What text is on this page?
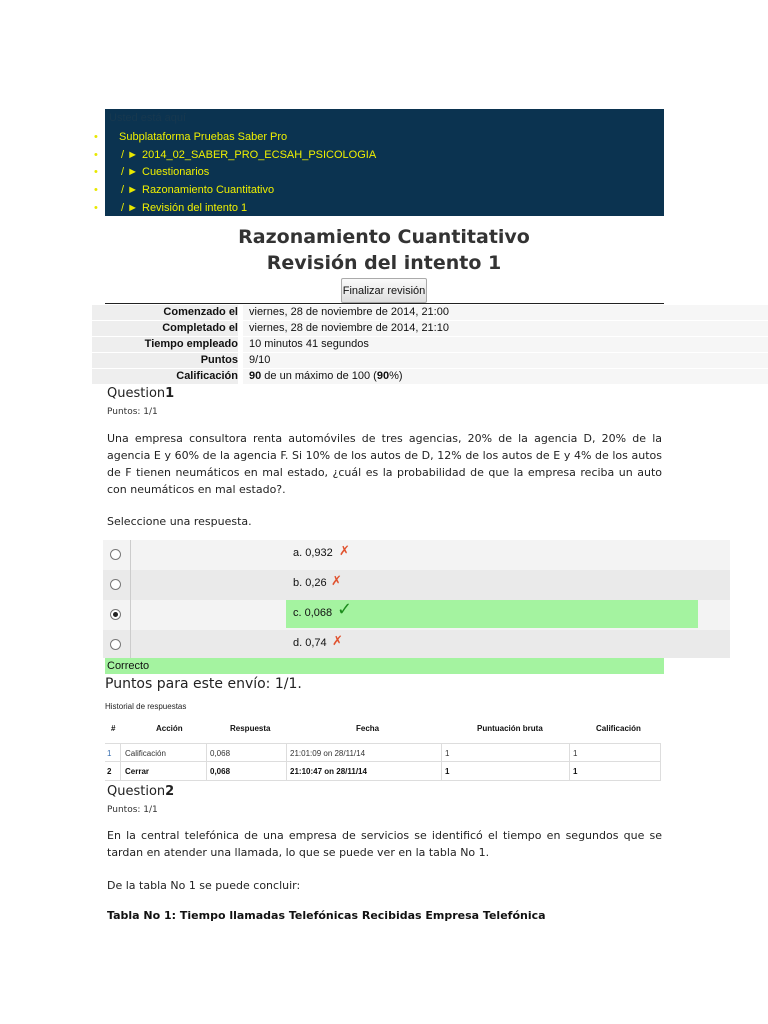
Usted está aquí
• Subplataforma Pruebas Saber Pro
• / ► 2014_02_SABER_PRO_ECSAH_PSICOLOGIA
• / ► Cuestionarios
• / ► Razonamiento Cuantitativo
• / ► Revisión del intento 1
Razonamiento Cuantitativo
Revisión del intento 1
Finalizar revisión
Comenzado el	viernes, 28 de noviembre de 2014, 21:00
Completado el	viernes, 28 de noviembre de 2014, 21:10
Tiempo empleado	10 minutos 41 segundos
Puntos	9/10
Calificación	90 de un máximo de 100 (90%)
Question1
Puntos: 1/1
Una empresa consultora renta automóviles de tres agencias, 20% de la agencia D, 20% de la agencia E y 60% de la agencia F. Si 10% de los autos de D, 12% de los autos de E y 4% de los autos de F tienen neumáticos en mal estado, ¿cuál es la probabilidad de que la empresa reciba un auto con neumáticos en mal estado?.
Seleccione una respuesta.
a. 0,932 ✗
b. 0,26 ✗
c. 0,068 ✓
d. 0,74 ✗
Correcto
Puntos para este envío: 1/1.
Historial de respuestas
#	Acción	Respuesta	Fecha	Puntuación bruta	Calificación
1 Calificación	0,068	21:01:09 on 28/11/14	1	1
2 Cerrar	0,068	21:10:47 on 28/11/14	1	1
Question2
Puntos: 1/1
En la central telefónica de una empresa de servicios se identificó el tiempo en segundos que se tardan en atender una llamada, lo que se puede ver en la tabla No 1.
De la tabla No 1 se puede concluir:
Tabla No 1: Tiempo llamadas Telefónicas Recibidas Empresa Telefónica
